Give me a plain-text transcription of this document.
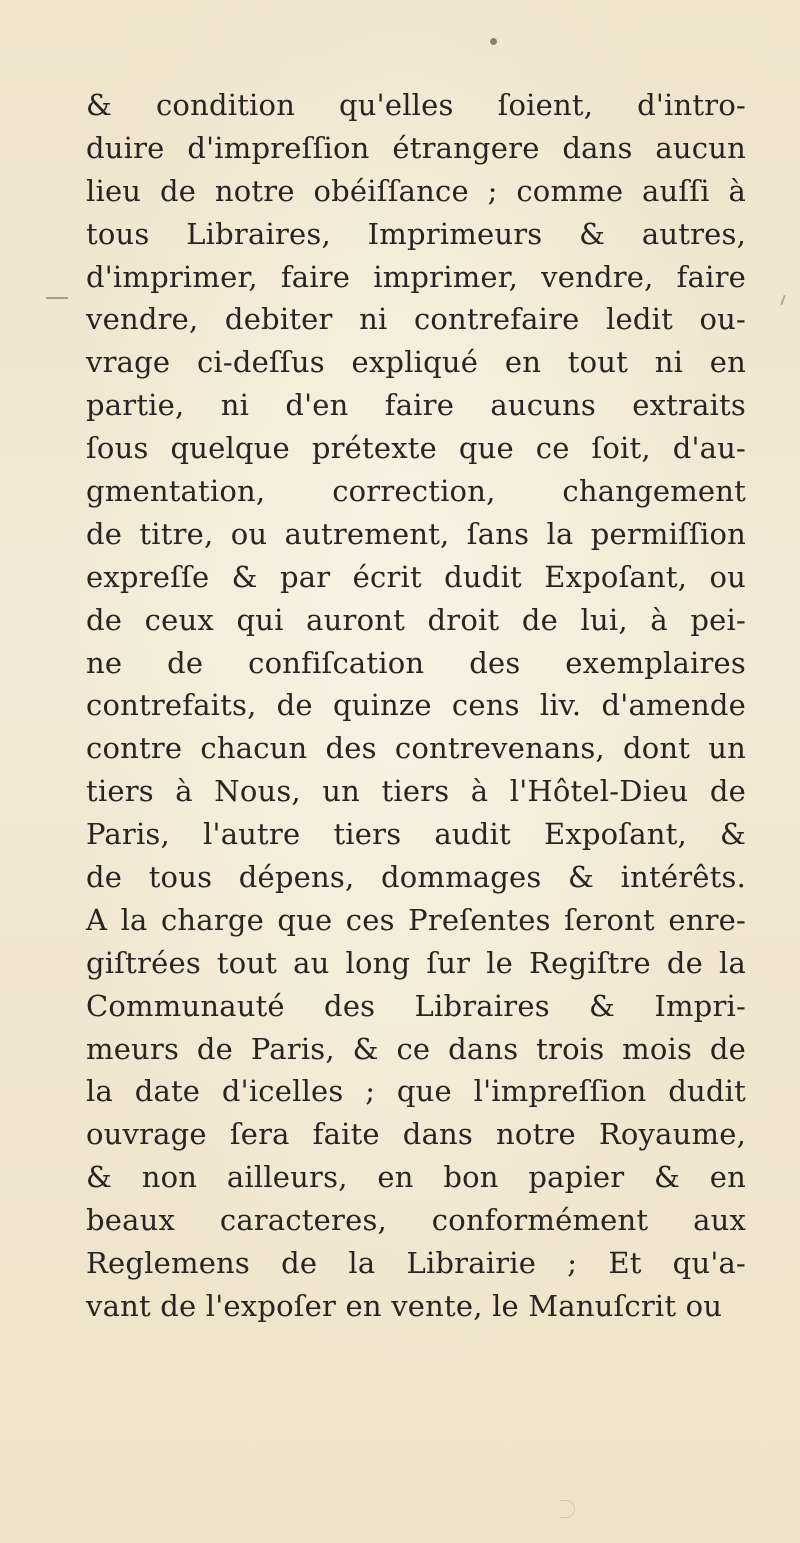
& condition qu'elles ſoient, d'intro-
duire d'impreſſion étrangere dans aucun
lieu de notre obéiſſance ; comme auſſi à
tous Libraires, Imprimeurs & autres,
d'imprimer, faire imprimer, vendre, faire
vendre, debiter ni contrefaire ledit ou-
vrage ci-deſſus expliqué en tout ni en
partie, ni d'en faire aucuns extraits
ſous quelque prétexte que ce ſoit, d'au-
gmentation, correction, changement
de titre, ou autrement, ſans la permiſſion
expreſſe & par écrit dudit Expoſant, ou
de ceux qui auront droit de lui, à pei-
ne de confiſcation des exemplaires
contrefaits, de quinze cens liv. d'amende
contre chacun des contrevenans, dont un
tiers à Nous, un tiers à l'Hôtel-Dieu de
Paris, l'autre tiers audit Expoſant, &
de tous dépens, dommages & intérêts.
A la charge que ces Preſentes ſeront enre-
giſtrées tout au long ſur le Regiſtre de la
Communauté des Libraires & Impri-
meurs de Paris, & ce dans trois mois de
la date d'icelles ; que l'impreſſion dudit
ouvrage ſera faite dans notre Royaume,
& non ailleurs, en bon papier & en
beaux caracteres, conformément aux
Reglemens de la Librairie ; Et qu'a-
vant de l'expoſer en vente, le Manuſcrit ou
